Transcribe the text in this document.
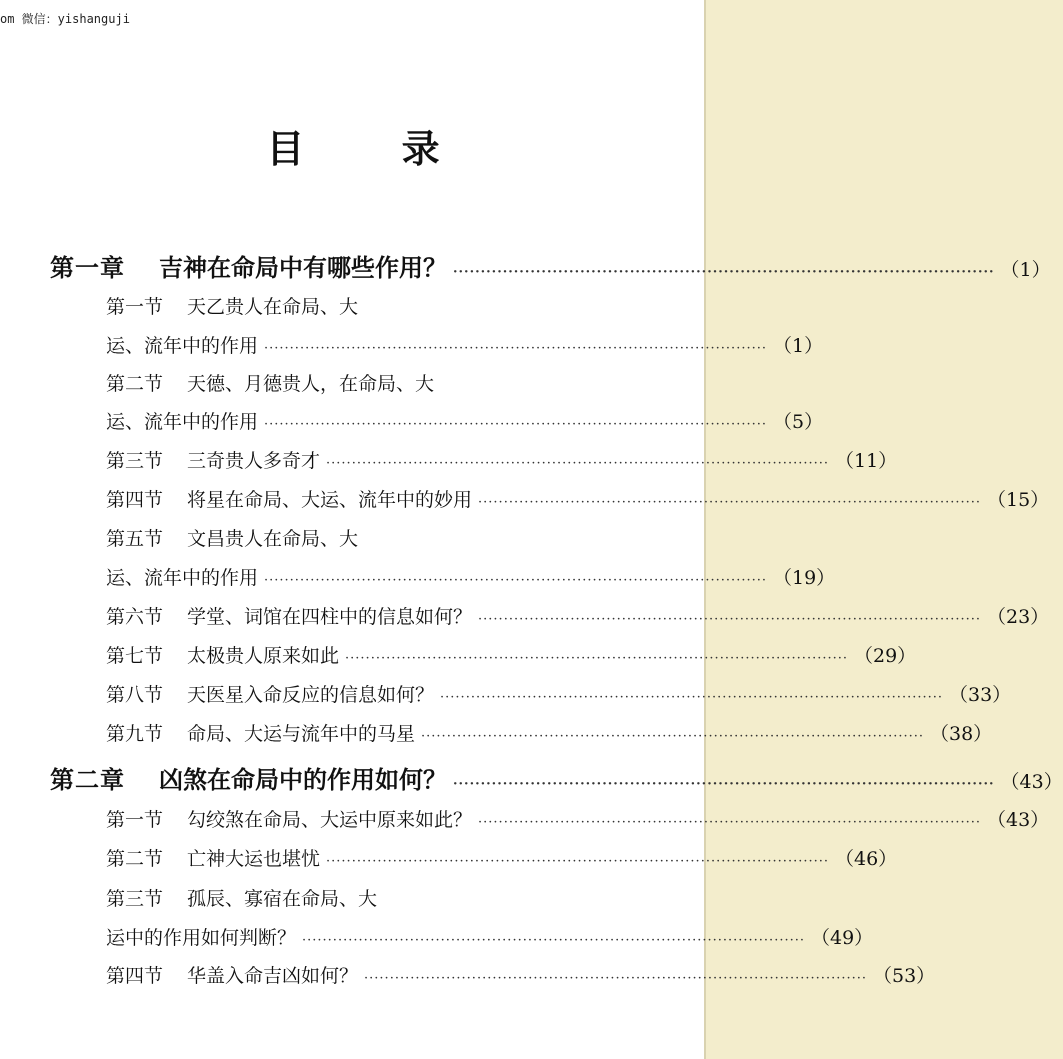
om 微信：yishanguji
目 录
第一章 吉神在命局中有哪些作用？ ·································································································· （1）
第一节 天乙贵人在命局、大
运、流年中的作用 ·································································································· （1）
第二节 天德、月德贵人，在命局、大
运、流年中的作用 ·································································································· （5）
第三节 三奇贵人多奇才 ·································································································· （11）
第四节 将星在命局、大运、流年中的妙用 ·································································································· （15）
第五节 文昌贵人在命局、大
运、流年中的作用 ·································································································· （19）
第六节 学堂、词馆在四柱中的信息如何？ ·································································································· （23）
第七节 太极贵人原来如此 ·································································································· （29）
第八节 天医星入命反应的信息如何？ ·································································································· （33）
第九节 命局、大运与流年中的马星 ·································································································· （38）
第二章 凶煞在命局中的作用如何？ ·································································································· （43）
第一节 勾绞煞在命局、大运中原来如此？ ·································································································· （43）
第二节 亡神大运也堪忧 ·································································································· （46）
第三节 孤辰、寡宿在命局、大
运中的作用如何判断？ ·································································································· （49）
第四节 华盖入命吉凶如何？ ·································································································· （53）
